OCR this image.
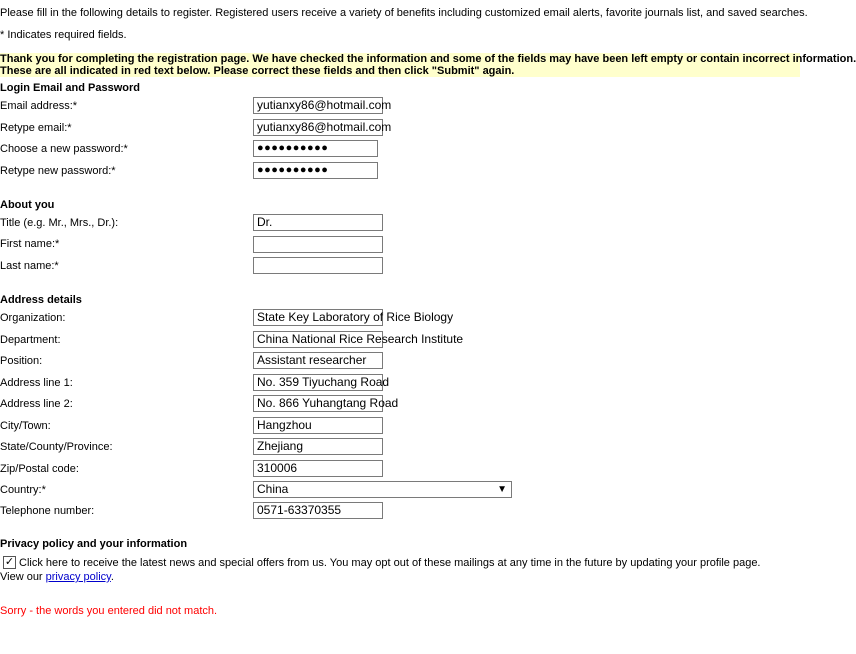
Please fill in the following details to register. Registered users receive a variety of benefits including customized email alerts, favorite journals list, and saved searches.
* Indicates required fields.
Thank you for completing the registration page. We have checked the information and some of the fields may have been left empty or contain incorrect information.
These are all indicated in red text below. Please correct these fields and then click "Submit" again.
Login Email and Password
Email address:*	yutianxy86@hotmail.com
Retype email:*	yutianxy86@hotmail.com
Choose a new password:*	●●●●●●●●●●
Retype new password:*	●●●●●●●●●●
About you
Title (e.g. Mr., Mrs., Dr.):	Dr.
First name:*
Last name:*
Address details
Organization:	State Key Laboratory of Rice Biology
Department:	China National Rice Research Institute
Position:	Assistant researcher
Address line 1:	No. 359 Tiyuchang Road
Address line 2:	No. 866 Yuhangtang Road
City/Town:	Hangzhou
State/County/Province:	Zhejiang
Zip/Postal code:	310006
Country:*	China	▼
Telephone number:	0571-63370355
Privacy policy and your information
✓ Click here to receive the latest news and special offers from us. You may opt out of these mailings at any time in the future by updating your profile page.
View our privacy policy.
Sorry - the words you entered did not match.
